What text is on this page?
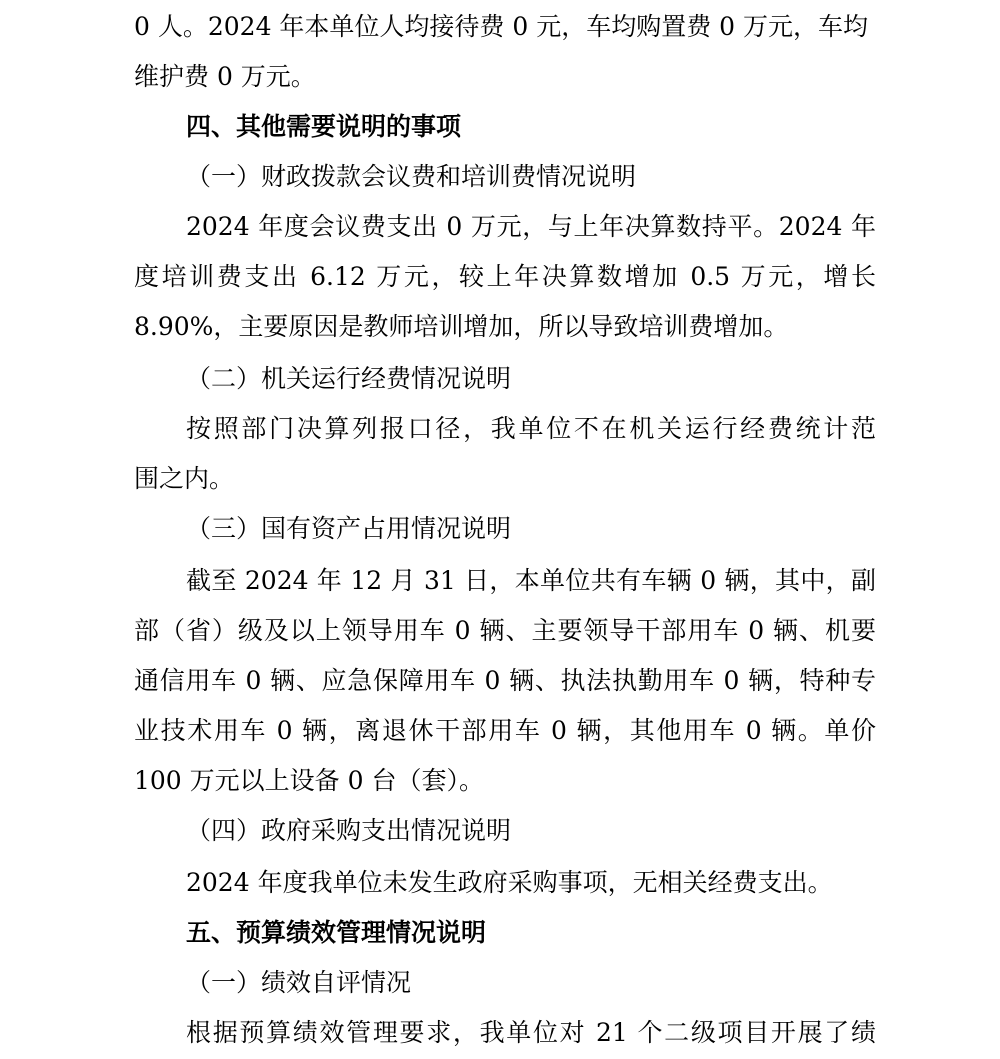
0 人。2024 年本单位人均接待费 0 元，车均购置费 0 万元，车均
维护费 0 万元。
四、其他需要说明的事项
（一）财政拨款会议费和培训费情况说明
2024 年度会议费支出 0 万元，与上年决算数持平。2024 年
度培训费支出 6.12 万元，较上年决算数增加 0.5 万元，增长
8.90%，主要原因是教师培训增加，所以导致培训费增加。
（二）机关运行经费情况说明
按照部门决算列报口径，我单位不在机关运行经费统计范
围之内。
（三）国有资产占用情况说明
截至 2024 年 12 月 31 日，本单位共有车辆 0 辆，其中，副
部（省）级及以上领导用车 0 辆、主要领导干部用车 0 辆、机要
通信用车 0 辆、应急保障用车 0 辆、执法执勤用车 0 辆，特种专
业技术用车 0 辆，离退休干部用车 0 辆，其他用车 0 辆。单价
100 万元以上设备 0 台（套）。
（四）政府采购支出情况说明
2024 年度我单位未发生政府采购事项，无相关经费支出。
五、预算绩效管理情况说明
（一）绩效自评情况
根据预算绩效管理要求，我单位对 21 个二级项目开展了绩
